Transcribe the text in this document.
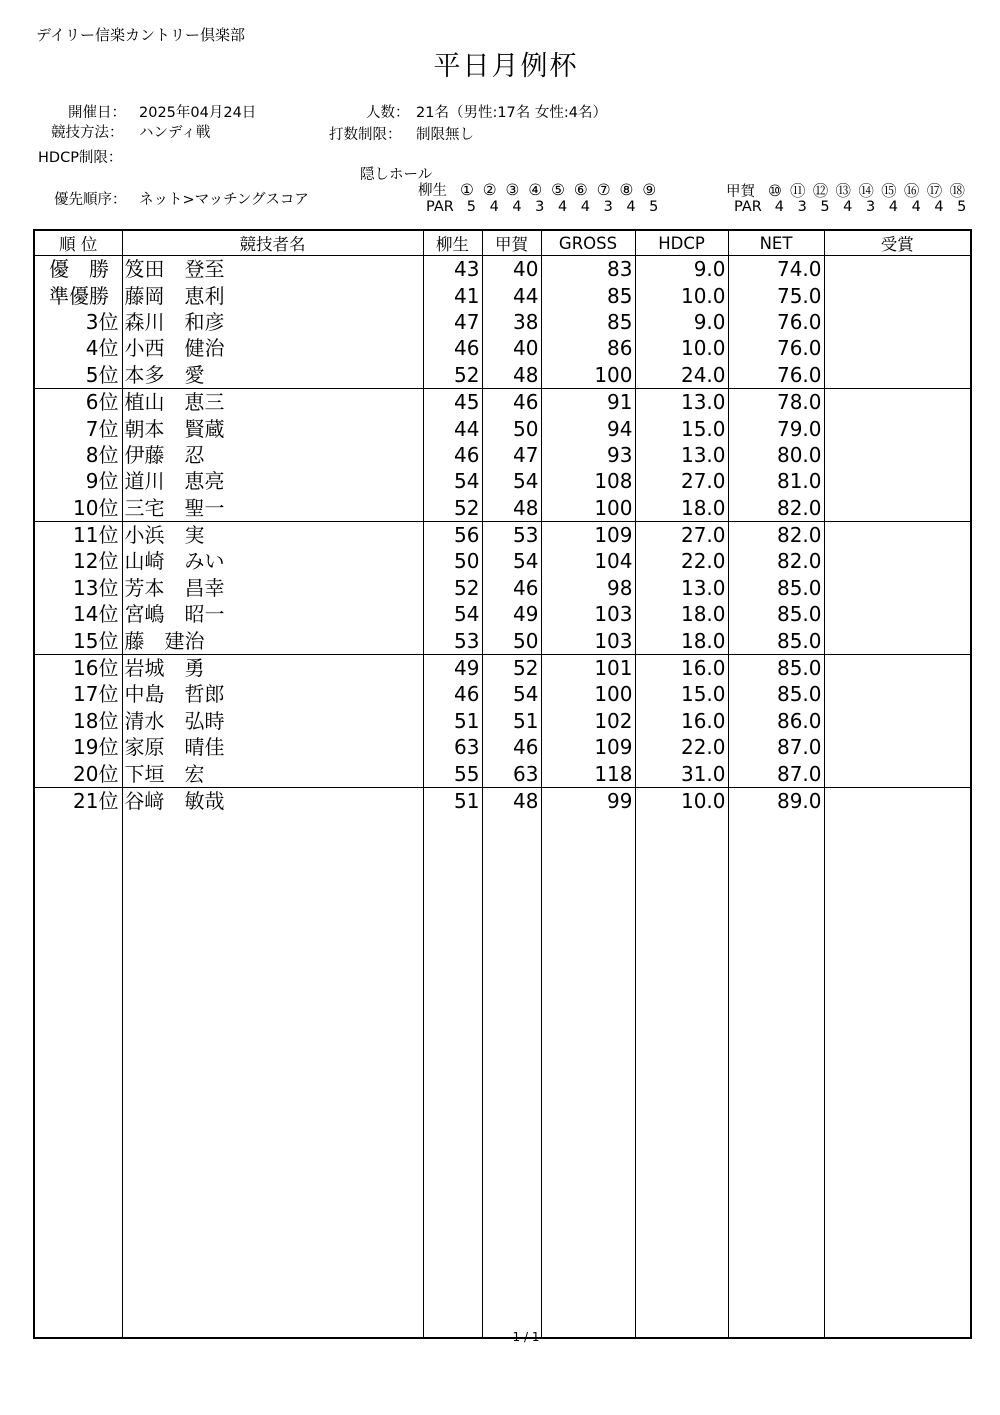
デイリー信楽カントリー倶楽部
平日月例杯
開催日： 2025年04月24日	人数： 21名（男性:17名 女性:4名）
競技方法： ハンディ戦	打数制限： 制限無し
HDCP制限：
隠しホール
優先順序： ネット>マッチングスコア
柳生 ① ② ③ ④ ⑤ ⑥ ⑦ ⑧ ⑨
PAR 5 4 4 3 4 4 3 4 5
甲賀 ⑩ ⑪ ⑫ ⑬ ⑭ ⑮ ⑯ ⑰ ⑱
PAR 4 3 5 4 3 4 4 4 5
順 位	競技者名	柳生	甲賀	GROSS	HDCP	NET	受賞
優　勝	笈田　登至	43	40	83	9.0	74.0	
準優勝	藤岡　恵利	41	44	85	10.0	75.0	
3位	森川　和彦	47	38	85	9.0	76.0	
4位	小西　健治	46	40	86	10.0	76.0	
5位	本多　愛	52	48	100	24.0	76.0	
6位	植山　恵三	45	46	91	13.0	78.0	
7位	朝本　賢蔵	44	50	94	15.0	79.0	
8位	伊藤　忍	46	47	93	13.0	80.0	
9位	道川　恵亮	54	54	108	27.0	81.0	
10位	三宅　聖一	52	48	100	18.0	82.0	
11位	小浜　実	56	53	109	27.0	82.0	
12位	山崎　みい	50	54	104	22.0	82.0	
13位	芳本　昌幸	52	46	98	13.0	85.0	
14位	宮嶋　昭一	54	49	103	18.0	85.0	
15位	藤　建治	53	50	103	18.0	85.0	
16位	岩城　勇	49	52	101	16.0	85.0	
17位	中島　哲郎	46	54	100	15.0	85.0	
18位	清水　弘時	51	51	102	16.0	86.0	
19位	家原　晴佳	63	46	109	22.0	87.0	
20位	下垣　宏	55	63	118	31.0	87.0	
21位	谷﨑　敏哉	51	48	99	10.0	89.0	

1 / 1
